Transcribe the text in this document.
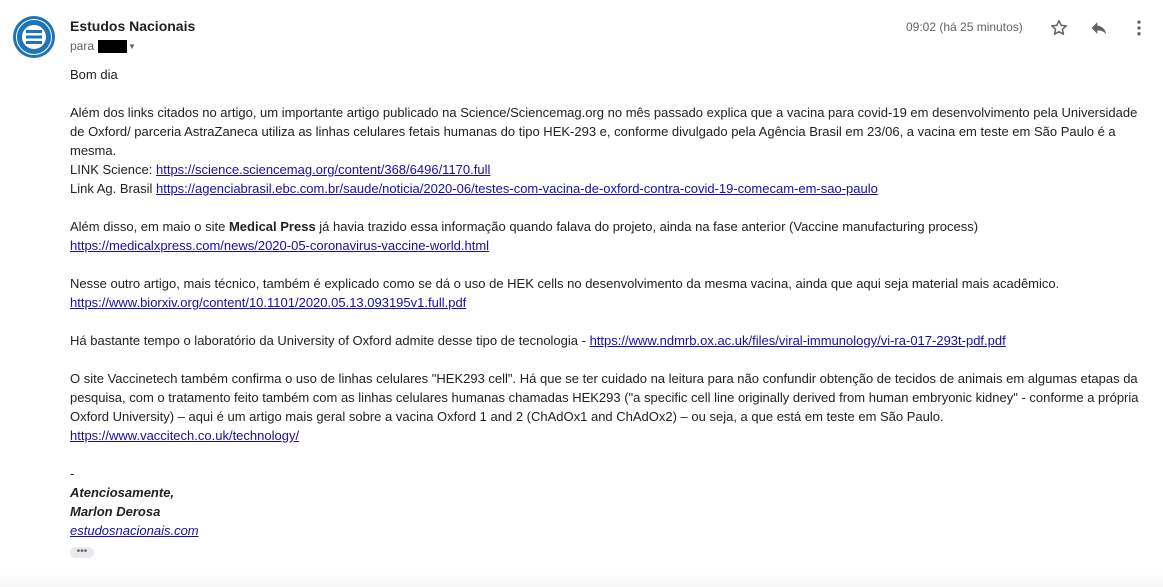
Estudos Nacionais
para	▼
09:02 (há 25 minutos)

Bom dia

Além dos links citados no artigo, um importante artigo publicado na Science/Sciencemag.org no mês passado explica que a vacina para covid-19 em desenvolvimento pela Universidade de Oxford/ parceria AstraZaneca utiliza as linhas celulares fetais humanas do tipo HEK-293 e, conforme divulgado pela Agência Brasil em 23/06, a vacina em teste em São Paulo é a mesma.

LINK Science: https://science.sciencemag.org/content/368/6496/1170.full

Link Ag. Brasil https://agenciabrasil.ebc.com.br/saude/noticia/2020-06/testes-com-vacina-de-oxford-contra-covid-19-comecam-em-sao-paulo

Além disso, em maio o site Medical Press já havia trazido essa informação quando falava do projeto, ainda na fase anterior (Vaccine manufacturing process)

https://medicalxpress.com/news/2020-05-coronavirus-vaccine-world.html

Nesse outro artigo, mais técnico, também é explicado como se dá o uso de HEK cells no desenvolvimento da mesma vacina, ainda que aqui seja material mais acadêmico.

https://www.biorxiv.org/content/10.1101/2020.05.13.093195v1.full.pdf

Há bastante tempo o laboratório da University of Oxford admite desse tipo de tecnologia - https://www.ndmrb.ox.ac.uk/files/viral-immunology/vi-ra-017-293t-pdf.pdf

O site Vaccinetech também confirma o uso de linhas celulares "HEK293 cell". Há que se ter cuidado na leitura para não confundir obtenção de tecidos de animais em algumas etapas da pesquisa, com o tratamento feito também com as linhas celulares humanas chamadas HEK293 ("a specific cell line originally derived from human embryonic kidney" - conforme a própria Oxford University) – aqui é um artigo mais geral sobre a vacina Oxford 1 and 2 (ChAdOx1 and ChAdOx2) – ou seja, a que está em teste em São Paulo.

https://www.vaccitech.co.uk/technology/

-

Atenciosamente,

Marlon Derosa

estudosnacionais.com

•••
